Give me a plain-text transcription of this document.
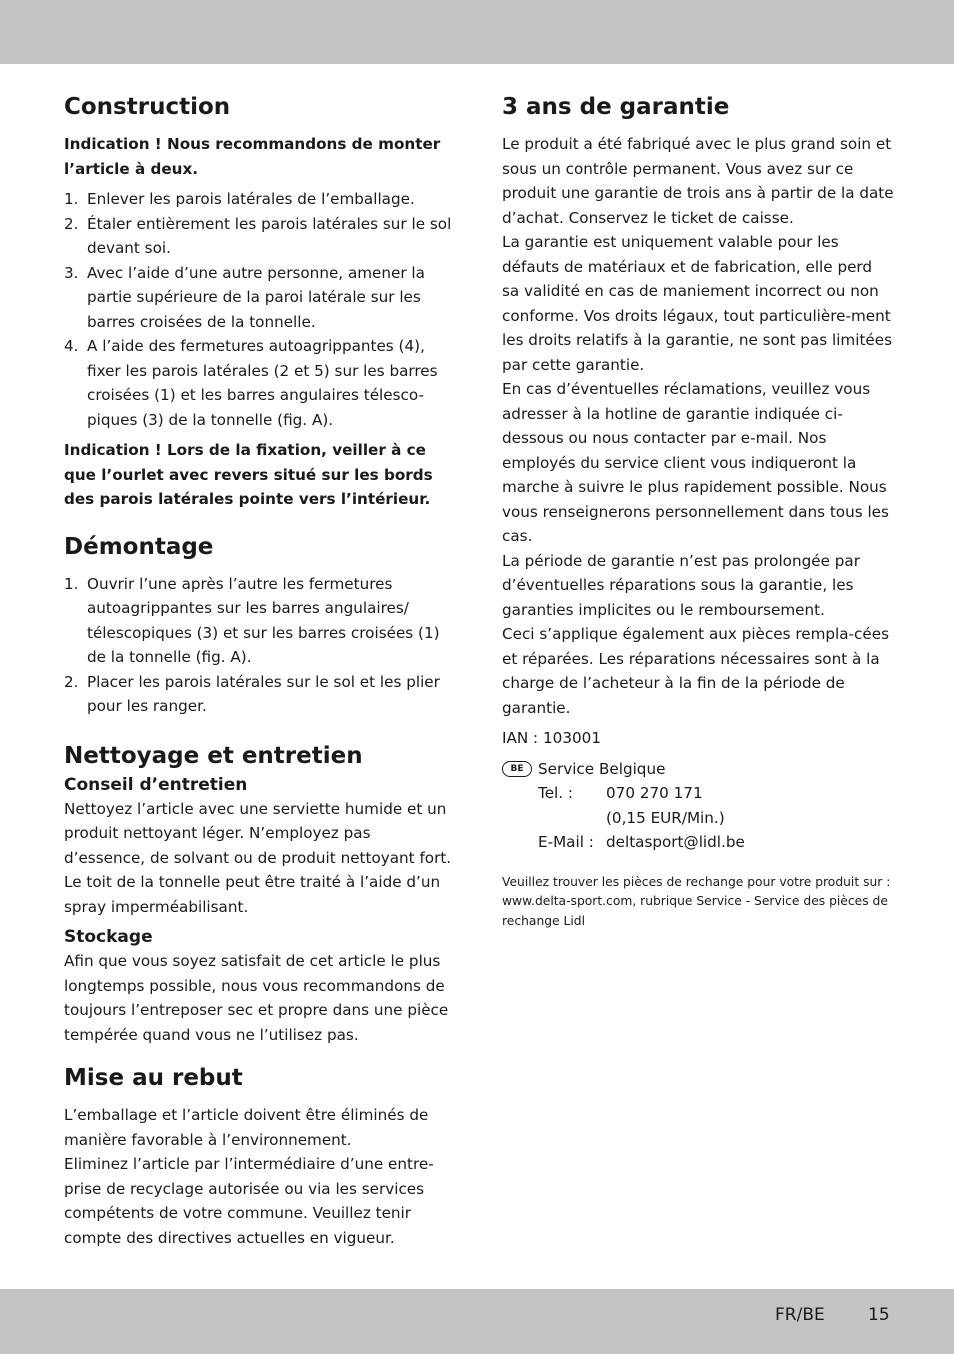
Construction

Indication ! Nous recommandons de monter l’article à deux.

1. Enlever les parois latérales de l’emballage.
2. Étaler entièrement les parois latérales sur le sol devant soi.
3. Avec l’aide d’une autre personne, amener la partie supérieure de la paroi latérale sur les barres croisées de la tonnelle.
4. A l’aide des fermetures autoagrippantes (4), fixer les parois latérales (2 et 5) sur les barres croisées (1) et les barres angulaires télesco-piques (3) de la tonnelle (fig. A).

Indication ! Lors de la fixation, veiller à ce que l’ourlet avec revers situé sur les bords des parois latérales pointe vers l’intérieur.

Démontage
1. Ouvrir l’une après l’autre les fermetures autoagrippantes sur les barres angulaires/ télescopiques (3) et sur les barres croisées (1) de la tonnelle (fig. A).
2. Placer les parois latérales sur le sol et les plier pour les ranger.
Nettoyage et entretien
Conseil d’entretien

Nettoyez l’article avec une serviette humide et un produit nettoyant léger. N’employez pas d’essence, de solvant ou de produit nettoyant fort. Le toit de la tonnelle peut être traité à l’aide d’un spray imperméabilisant.

Stockage

Afin que vous soyez satisfait de cet article le plus longtemps possible, nous vous recommandons de toujours l’entreposer sec et propre dans une pièce tempérée quand vous ne l’utilisez pas.

Mise au rebut

L’emballage et l’article doivent être éliminés de manière favorable à l’environnement.

Eliminez l’article par l’intermédiaire d’une entre-prise de recyclage autorisée ou via les services compétents de votre commune. Veuillez tenir compte des directives actuelles en vigueur.

3 ans de garantie

Le produit a été fabriqué avec le plus grand soin et sous un contrôle permanent. Vous avez sur ce produit une garantie de trois ans à partir de la date d’achat. Conservez le ticket de caisse.

La garantie est uniquement valable pour les défauts de matériaux et de fabrication, elle perd sa validité en cas de maniement incorrect ou non conforme. Vos droits légaux, tout particulière-ment les droits relatifs à la garantie, ne sont pas limitées par cette garantie.

En cas d’éventuelles réclamations, veuillez vous adresser à la hotline de garantie indiquée ci-dessous ou nous contacter par e-mail. Nos employés du service client vous indiqueront la marche à suivre le plus rapidement possible. Nous vous renseignerons personnellement dans tous les cas.

La période de garantie n’est pas prolongée par d’éventuelles réparations sous la garantie, les garanties implicites ou le remboursement.

Ceci s’applique également aux pièces rempla-cées et réparées. Les réparations nécessaires sont à la charge de l’acheteur à la fin de la période de garantie.

IAN : 103001

BE Service Belgique
Tel. :	070 270 171
(0,15 EUR/Min.)
E-Mail : deltasport@lidl.be

Veuillez trouver les pièces de rechange pour votre produit sur : www.delta-sport.com, rubrique Service - Service des pièces de rechange Lidl

FR/BE	15
